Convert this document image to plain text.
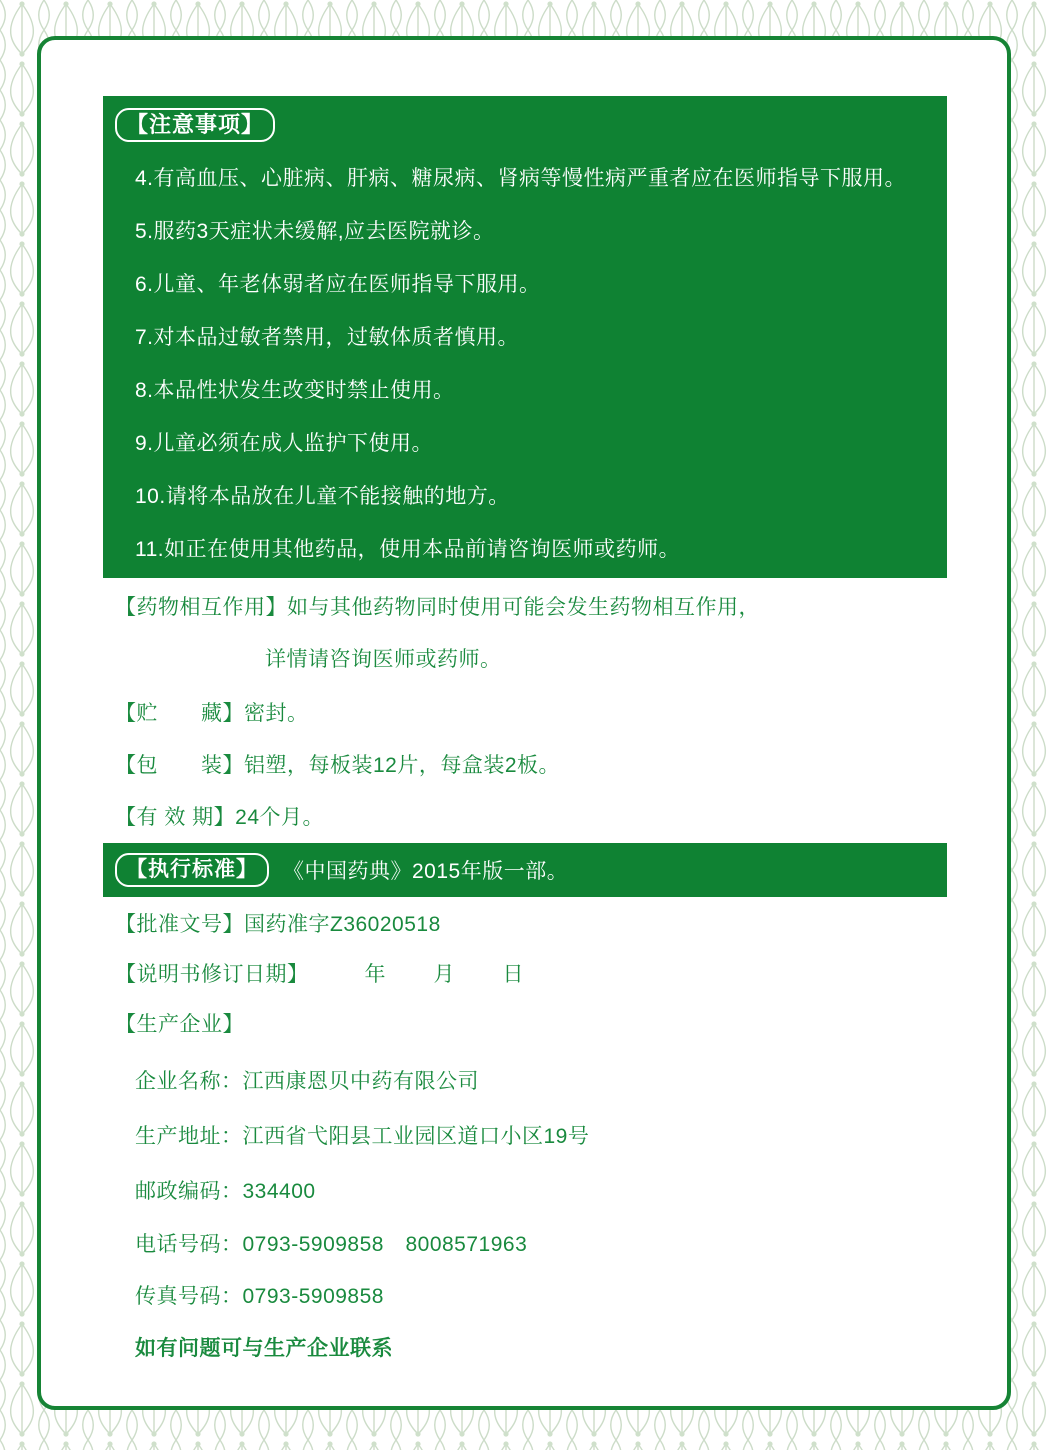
【注意事项】
4.有高血压、心脏病、肝病、糖尿病、肾病等慢性病严重者应在医师指导下服用。
5.服药3天症状未缓解,应去医院就诊。
6.儿童、年老体弱者应在医师指导下服用。
7.对本品过敏者禁用，过敏体质者慎用。
8.本品性状发生改变时禁止使用。
9.儿童必须在成人监护下使用。
10.请将本品放在儿童不能接触的地方。
11.如正在使用其他药品，使用本品前请咨询医师或药师。
【药物相互作用】如与其他药物同时使用可能会发生药物相互作用，
详情请咨询医师或药师。
【贮　　藏】密封。
【包　　装】铝塑，每板装12片，每盒装2板。
【有 效 期】24个月。
【执行标准】	《中国药典》2015年版一部。
【批准文号】国药准字Z36020518
【说明书修订日期】	年　　月　　日
【生产企业】
企业名称：江西康恩贝中药有限公司
生产地址：江西省弋阳县工业园区道口小区19号
邮政编码：334400
电话号码：0793-5909858　8008571963
传真号码：0793-5909858
如有问题可与生产企业联系
